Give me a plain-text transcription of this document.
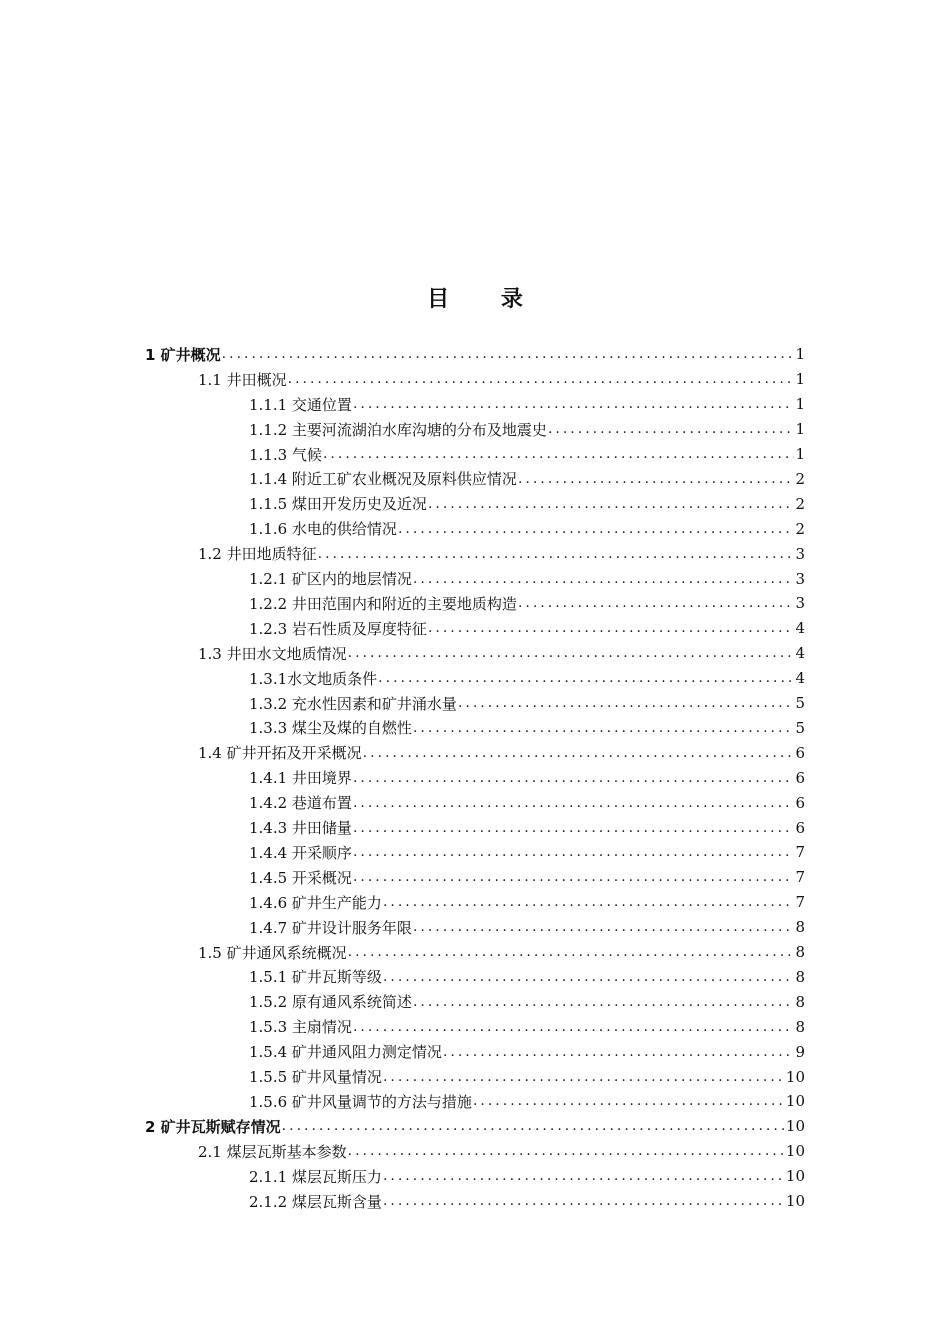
目 录
1 矿井概况 .....	1
1.1 井田概况 .....	1
1.1.1 交通位置 .....	1
1.1.2 主要河流湖泊水库沟塘的分布及地震史 .....	1
1.1.3 气候 .....	1
1.1.4 附近工矿农业概况及原料供应情况 .....	2
1.1.5 煤田开发历史及近况 .....	2
1.1.6 水电的供给情况 .....	2
1.2 井田地质特征 .....	3
1.2.1 矿区内的地层情况 .....	3
1.2.2 井田范围内和附近的主要地质构造 .....	3
1.2.3 岩石性质及厚度特征 .....	4
1.3 井田水文地质情况 .....	4
1.3.1水文地质条件 .....	4
1.3.2 充水性因素和矿井涌水量 .....	5
1.3.3 煤尘及煤的自燃性 .....	5
1.4 矿井开拓及开采概况 .....	6
1.4.1 井田境界 .....	6
1.4.2 巷道布置 .....	6
1.4.3 井田储量 .....	6
1.4.4 开采顺序 .....	7
1.4.5 开采概况 .....	7
1.4.6 矿井生产能力 .....	7
1.4.7 矿井设计服务年限 .....	8
1.5 矿井通风系统概况 .....	8
1.5.1 矿井瓦斯等级 .....	8
1.5.2 原有通风系统简述 .....	8
1.5.3 主扇情况 .....	8
1.5.4 矿井通风阻力测定情况 .....	9
1.5.5 矿井风量情况 .....	10
1.5.6 矿井风量调节的方法与措施 .....	10
2 矿井瓦斯赋存情况 .....	10
2.1 煤层瓦斯基本参数 .....	10
2.1.1 煤层瓦斯压力 .....	10
2.1.2 煤层瓦斯含量 .....	10
